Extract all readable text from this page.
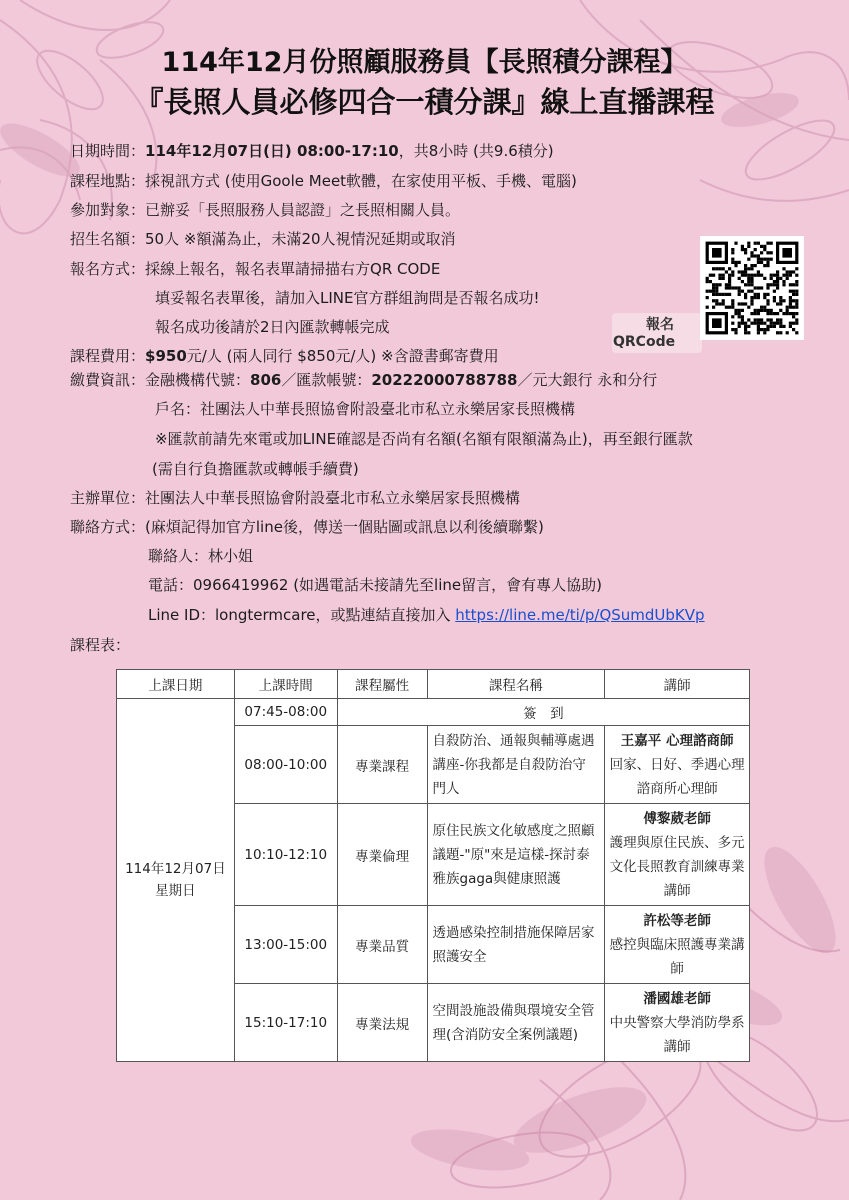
114年12月份照顧服務員【長照積分課程】
『長照人員必修四合一積分課』線上直播課程
日期時間：114年12月07日(日) 08:00-17:10，共8小時 (共9.6積分)
課程地點：採視訊方式 (使用Goole Meet軟體，在家使用平板、手機、電腦)
參加對象：已辦妥「長照服務人員認證」之長照相關人員。
招生名額：50人 ※額滿為止，未滿20人視情況延期或取消
報名方式：採線上報名，報名表單請掃描右方QR CODE
填妥報名表單後，請加入LINE官方群組詢問是否報名成功!
報名成功後請於2日內匯款轉帳完成
課程費用：$950元/人 (兩人同行 $850元/人) ※含證書郵寄費用
繳費資訊：金融機構代號：806／匯款帳號：20222000788788／元大銀行 永和分行
戶名：社團法人中華長照協會附設臺北市私立永樂居家長照機構
※匯款前請先來電或加LINE確認是否尚有名額(名額有限額滿為止)，再至銀行匯款
(需自行負擔匯款或轉帳手續費)
主辦單位：社團法人中華長照協會附設臺北市私立永樂居家長照機構
聯絡方式：(麻煩記得加官方line後，傳送一個貼圖或訊息以利後續聯繫)
聯絡人：林小姐
電話：0966419962 (如遇電話未接請先至line留言，會有專人協助)
Line ID：longtermcare，或點連結直接加入 https://line.me/ti/p/QSumdUbKVp
課程表：
報名
QRCode
上課日期	上課時間	課程屬性	課程名稱	講師
114年12月07日
星期日	07:45-08:00	簽　到		
	08:00-10:00	專業課程	自殺防治、通報與輔導處遇講座-你我都是自殺防治守門人	王嘉平 心理諮商師
回家、日好、季遇心理諮商所心理師

	10:10-12:10	專業倫理	原住民族文化敏感度之照顧議題-"原"來是這樣-探討泰雅族gaga與健康照護	傅黎葳老師
護理與原住民族、多元文化長照教育訓練專業講師

	13:00-15:00	專業品質	透過感染控制措施保障居家照護安全	許松等老師
感控與臨床照護專業講師

	15:10-17:10	專業法規	空間設施設備與環境安全管理(含消防安全案例議題)	潘國雄老師
中央警察大學消防學系講師
